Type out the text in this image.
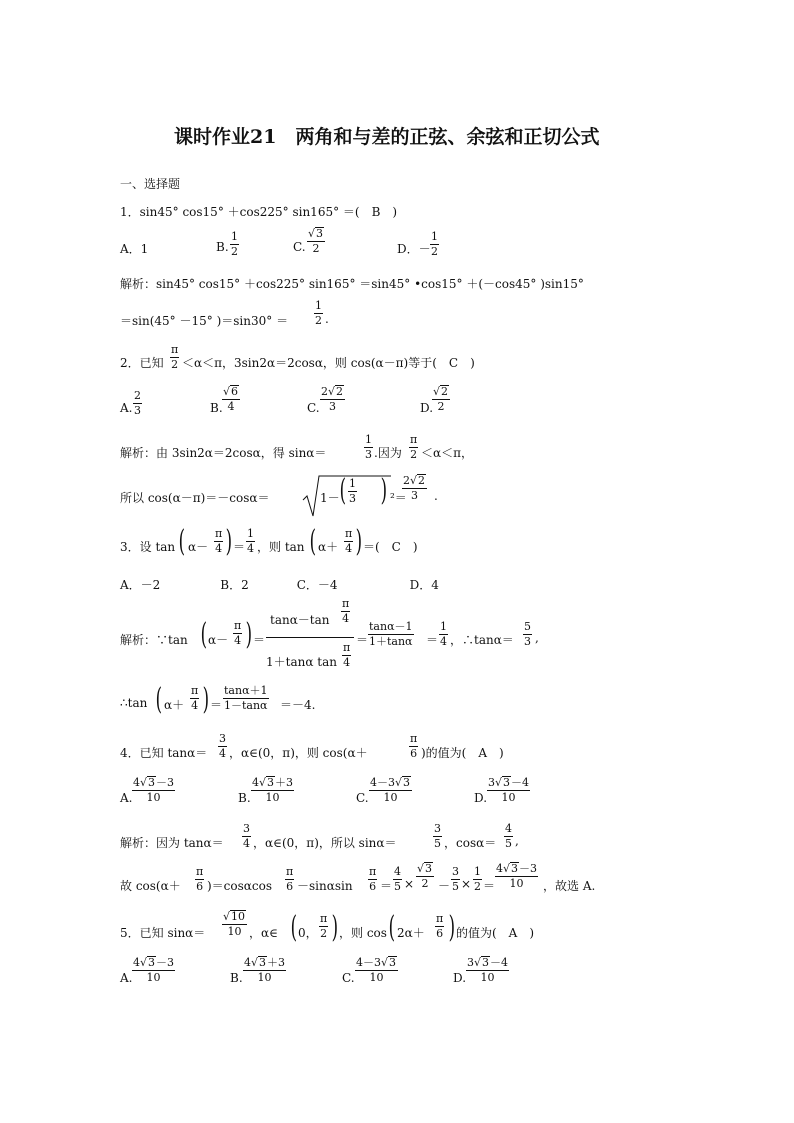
课时作业21　两角和与差的正弦、余弦和正切公式
一、选择题
1．sin45° cos15° ＋cos225° sin165° ＝(　B　)
A．1	B.
1
2	C.
√3
2	D．－
1
2
解析：sin45° cos15° ＋cos225° sin165° ＝sin45° •cos15° ＋(－cos45° )sin15°
＝sin(45° －15° )＝sin30° ＝
1
2 .
2．已知
π
2 ＜α＜π，3sin2α＝2cosα，则 cos(α－π)等于(　C　)
A.
2
3	B.
√6
4	C.
2√2
3	D.
√2
2
解析：由 3sin2α＝2cosα，得 sinα＝
1
3 .因为
π
2 ＜α＜π，
所以 cos(α－π)＝－cosα＝	1－ ( 1
3 ) ²＝
2√2
3 .
3．设 tan ( α－
π
4 ) ＝
1
4 ，则 tan ( α＋
π
4 ) ＝(　C　)
A．－2　　　　　B．2　　　　C．－4　　　　　　D．4
解析：∵tan ( α－
π
4 ) ＝
tanα－tan
π
4
1＋tanα tan
π
4
＝
tanα－1
1＋tanα ＝
1
4 ，∴tanα＝
5
3 ,
∴tan ( α＋
π
4 ) ＝
tanα＋1
1－tanα ＝－4.
4．已知 tanα＝
3
4 ，α∈(0，π)，则 cos(α＋
π
6 )的值为(　A　)
A.
4√3－3
10	B.
4√3＋3
10	C.
4－3√3
10	D.
3√3－4
10
解析：因为 tanα＝
3
4 ，α∈(0，π)，所以 sinα＝
3
5 ，cosα＝
4
5 ,
故 cos(α＋
π
6 )＝cosαcos
π
6 －sinαsin
π
6 ＝
4
5 ×
√3
2 －
3
5 ×
1
2 ＝
4√3－3
10 ，故选 A.
5．已知 sinα＝
√10
10 ，α∈ ( 0，
π
2 ) ，则 cos ( 2α＋
π
6 ) 的值为(　A　)
A.
4√3－3
10	B.
4√3＋3
10	C.
4－3√3
10	D.
3√3－4
10
